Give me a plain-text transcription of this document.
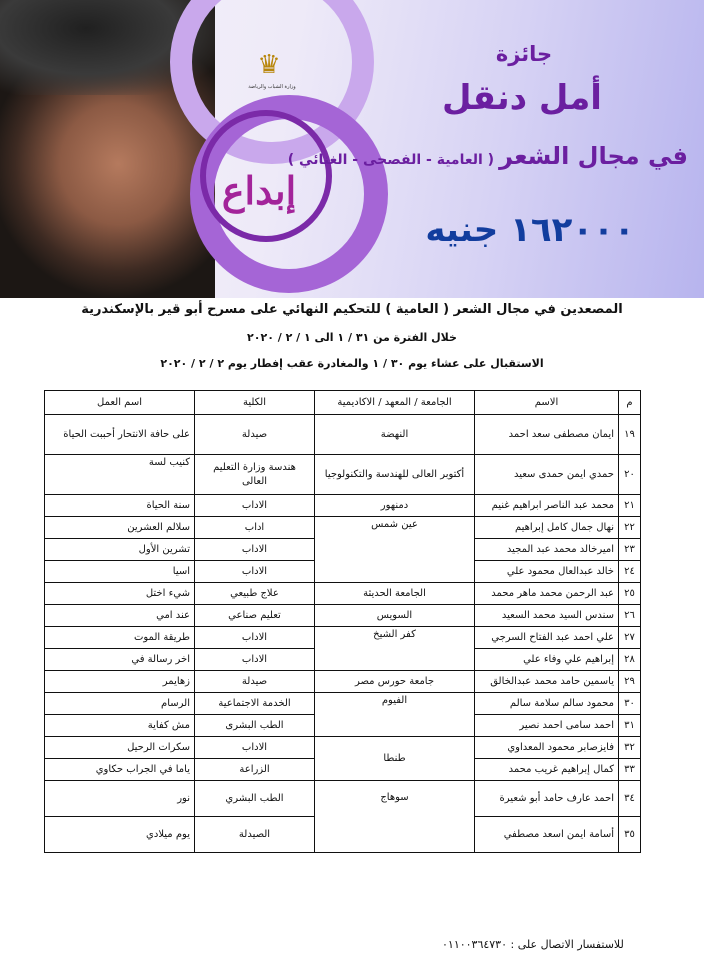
♛
وزارة الشباب والرياضة
إبداع
جائزة
أمل دنقل
في مجال الشعر ( العامية - الفصحى - الغنائي )
١٦٢٠٠٠ جنيه
المصعدين في مجال الشعر ( العامية ) للتحكيم النهائي على مسرح أبو قير بالإسكندرية
خلال الفترة من ٣١ / ١ الى ١ / ٢ / ٢٠٢٠
الاستقبال على عشاء يوم ٣٠ / ١ والمغادرة عقب إفطار يوم ٢ / ٢ / ٢٠٢٠
م	الاسم	الجامعة / المعهد / الاكاديمية	الكلية	اسم العمل
١٩	ايمان مصطفى سعد احمد	النهضة	صيدلة	على حافة الانتحار أحببت الحياة
٢٠	حمدي ايمن حمدى سعيد	أكتوبر العالى للهندسة والتكنولوجيا	هندسة وزارة التعليم العالى	كنيب لسة
٢١	محمد عبد الناصر ابراهيم غنيم	دمنهور	الاداب	سنة الحياة
٢٢	نهال جمال كامل إبراهيم	عين شمس	اداب	سلالم العشرين
٢٣	اميرخالد محمد عبد المجيد		الاداب	تشرين الأول
٢٤	خالد عبدالعال محمود علي		الاداب	اسيا
٢٥	عبد الرحمن محمد ماهر محمد	الجامعة الحديثة	علاج طبيعي	شيء اختل
٢٦	سندس السيد محمد السعيد	السويس	تعليم صناعي	عند امي
٢٧	علي احمد عبد الفتاح السرجي	كفر الشيخ	الاداب	طريقة الموت
٢٨	إبراهيم علي وفاء علي		الاداب	اخر رسالة في
٢٩	ياسمين حامد محمد عبدالخالق	جامعة حورس مصر	صيدلة	زهايمر
٣٠	محمود سالم سلامة سالم	الفيوم	الخدمة الاجتماعية	الرسام
٣١	احمد سامى احمد نصير		الطب البشرى	مش كفاية
٣٢	فايزصابر محمود المعداوي	طنطا	الاداب	سكرات الرحيل
٣٣	كمال إبراهيم غريب محمد		الزراعة	ياما في الجراب حكاوي
٣٤	احمد عارف حامد أبو شعيرة	سوهاج	الطب البشري	نور
٣٥	أسامة ايمن اسعد مصطفي		الصيدلة	يوم ميلادي
للاستفسار الاتصال على : ٠١١٠٠٣٦٤٧٣٠
